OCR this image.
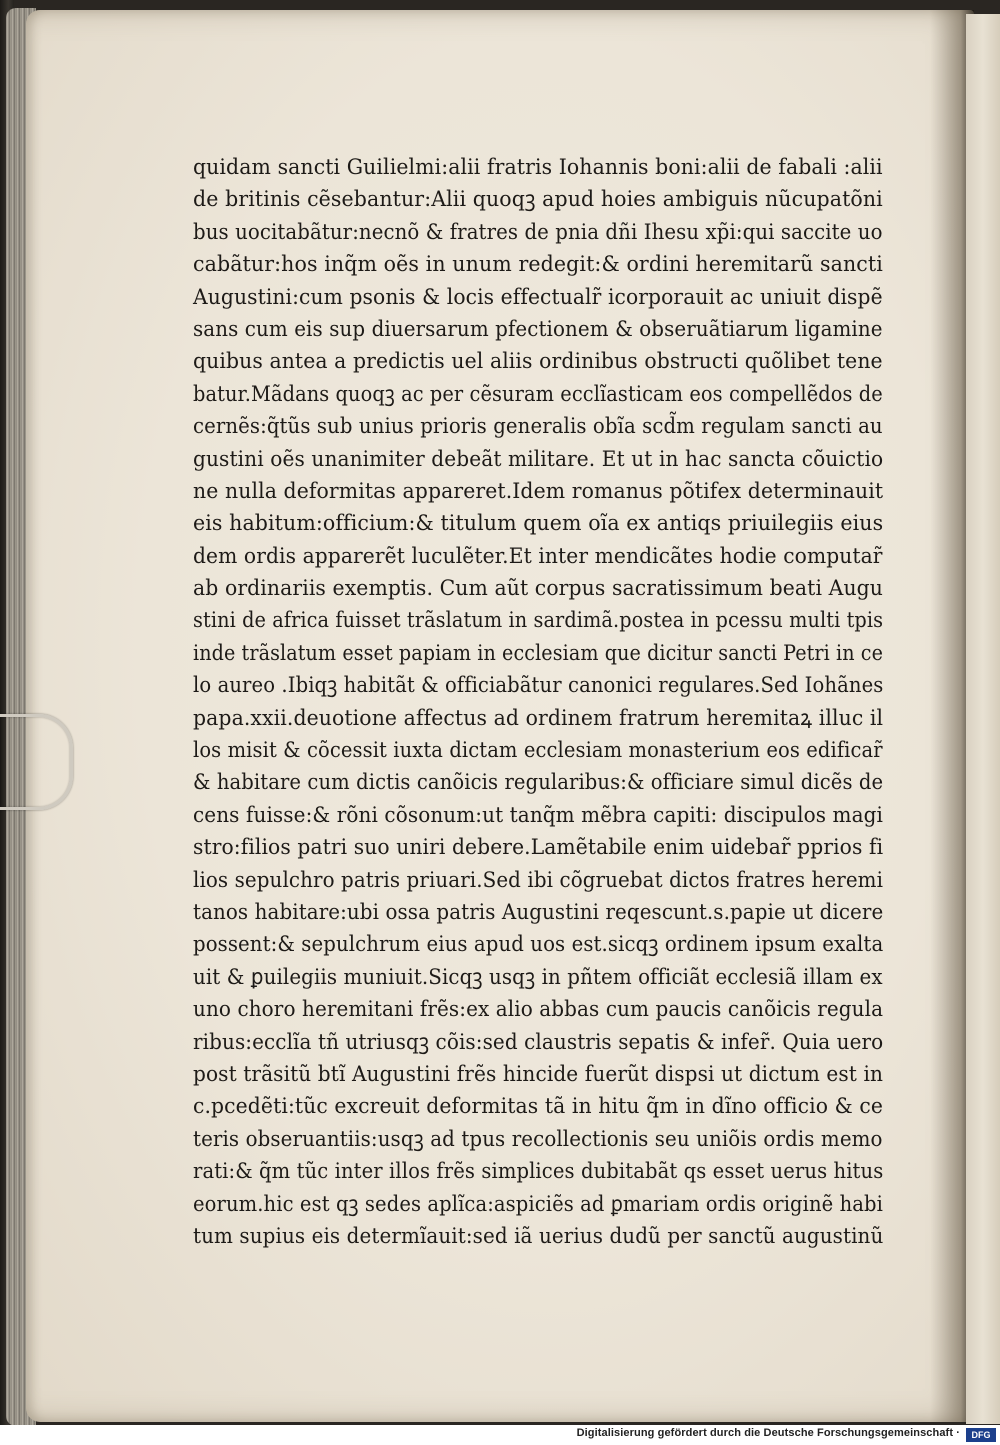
quidam sancti Guilielmi:alii fratris Iohannis boni:alii de fabali :alii
de britinis cẽsebantur:Alii quoqꝫ apud hoies ambiguis nũcupatõni
bus uocitabãtur:necnõ & fratres de pnia dñi Ihesu xp̃i:qui saccite uo
cabãtur:hos inq̃m oẽs in unum redegit:& ordini heremitarũ sancti
Augustini:cum psonis & locis effectualr̃ icorporauit ac uniuit dispẽ
sans cum eis sup diuersarum pfectionem & obseruãtiarum ligamine
quibus antea a predictis uel aliis ordinibus obstructi quõlibet tene
batur.Mãdans quoqꝫ ac per cẽsuram ecclĩasticam eos compellẽdos de
cernẽs:q̃tũs sub unius prioris generalis obĩa scd̃m regulam sancti au
gustini oẽs unanimiter debeãt militare. Et ut in hac sancta cõuictio
ne nulla deformitas appareret.Idem romanus põtifex determinauit
eis habitum:officium:& titulum quem oĩa ex antiqs priuilegiis eius
dem ordis apparerẽt luculẽter.Et inter mendicãtes hodie computar̃
ab ordinariis exemptis. Cum aũt corpus sacratissimum beati Augu
stini de africa fuisset trãslatum in sardimã.postea in pcessu multi tpis
inde trãslatum esset papiam in ecclesiam que dicitur sancti Petri in ce
lo aureo .Ibiqꝫ habitãt & officiabãtur canonici regulares.Sed Iohãnes
papa.xxii.deuotione affectus ad ordinem fratrum heremitaꝝ illuc il
los misit & cõcessit iuxta dictam ecclesiam monasterium eos edificar̃
& habitare cum dictis canõicis regularibus:& officiare simul dicẽs de
cens fuisse:& rõni cõsonum:ut tanq̃m mẽbra capiti: discipulos magi
stro:filios patri suo uniri debere.Lamẽtabile enim uidebar̃ pprios fi
lios sepulchro patris priuari.Sed ibi cõgruebat dictos fratres heremi
tanos habitare:ubi ossa patris Augustini reqescunt.s.papie ut dicere
possent:& sepulchrum eius apud uos est.sicqꝫ ordinem ipsum exalta
uit & ꝑuilegiis muniuit.Sicqꝫ usqꝫ in pñtem officiãt ecclesiã illam ex
uno choro heremitani frẽs:ex alio abbas cum paucis canõicis regula
ribus:ecclĩa tñ utriusqꝫ cõis:sed claustris sepatis & infer̃. Quia uero
post trãsitũ btĩ Augustini frẽs hincide fuerũt dispsi ut dictum est in
c.pcedẽti:tũc excreuit deformitas tã in hitu q̃m in dĩno officio & ce
teris obseruantiis:usqꝫ ad tpus recollectionis seu uniõis ordis memo
rati:& q̃m tũc inter illos frẽs simplices dubitabãt qs esset uerus hitus
eorum.hic est qꝫ sedes aplĩca:aspiciẽs ad ꝑmariam ordis originẽ habi
tum supius eis determĩauit:sed iã uerius dudũ per sanctũ augustinũ
Digitalisierung gefördert durch die Deutsche Forschungsgemeinschaft ·	DFG
